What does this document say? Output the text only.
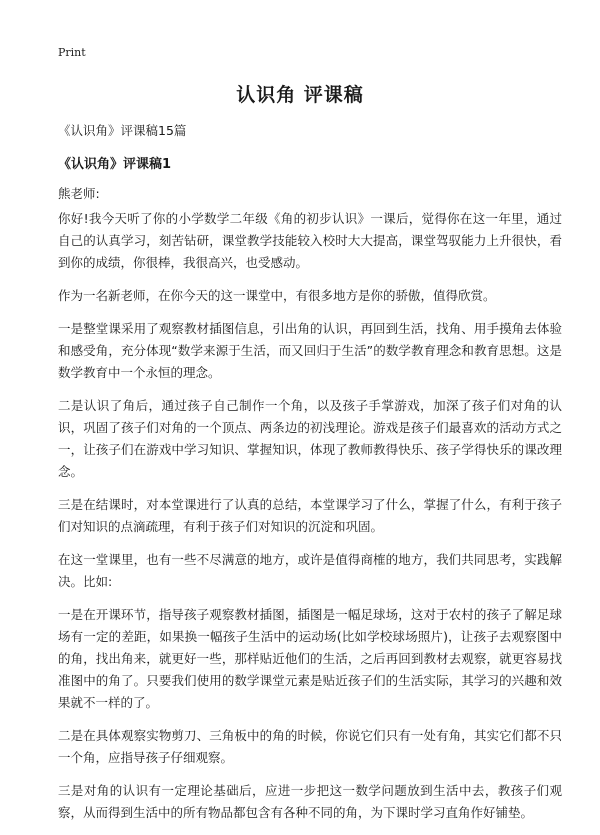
Print
认识角 评课稿
《认识角》评课稿15篇
《认识角》评课稿1
熊老师:

你好!我今天听了你的小学数学二年级《角的初步认识》一课后，觉得你在这一年里，通过自己的认真学习，刻苦钻研，课堂教学技能较入校时大大提高，课堂驾驭能力上升很快，看到你的成绩，你很棒，我很高兴，也受感动。

作为一名新老师，在你今天的这一课堂中，有很多地方是你的骄傲，值得欣赏。

一是整堂课采用了观察教材插图信息，引出角的认识，再回到生活，找角、用手摸角去体验和感受角，充分体现“数学来源于生活，而又回归于生活”的数学教育理念和教育思想。这是数学教育中一个永恒的理念。

二是认识了角后，通过孩子自己制作一个角，以及孩子手掌游戏，加深了孩子们对角的认识，巩固了孩子们对角的一个顶点、两条边的初浅理论。游戏是孩子们最喜欢的活动方式之一，让孩子们在游戏中学习知识、掌握知识，体现了教师教得快乐、孩子学得快乐的课改理念。

三是在结课时，对本堂课进行了认真的总结，本堂课学习了什么，掌握了什么，有利于孩子们对知识的点滴疏理，有利于孩子们对知识的沉淀和巩固。

在这一堂课里，也有一些不尽满意的地方，或许是值得商榷的地方，我们共同思考，实践解决。比如:

一是在开课环节，指导孩子观察教材插图，插图是一幅足球场，这对于农村的孩子了解足球场有一定的差距，如果换一幅孩子生活中的运动场(比如学校球场照片)，让孩子去观察图中的角，找出角来，就更好一些，那样贴近他们的生活，之后再回到教材去观察，就更容易找准图中的角了。只要我们使用的数学课堂元素是贴近孩子们的生活实际，其学习的兴趣和效果就不一样的了。

二是在具体观察实物剪刀、三角板中的角的时候，你说它们只有一处有角，其实它们都不只一个角，应指导孩子仔细观察。

三是对角的认识有一定理论基础后，应进一步把这一数学问题放到生活中去，教孩子们观察，从而得到生活中的所有物品都包含有各种不同的角，为下课时学习直角作好铺垫。
